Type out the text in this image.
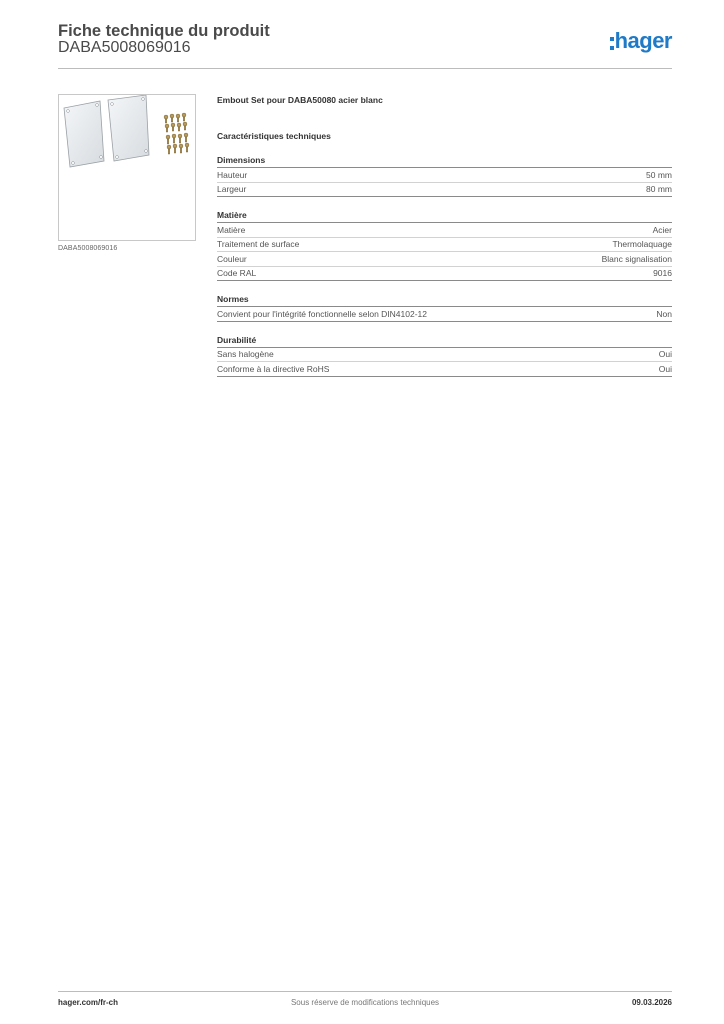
Fiche technique du produit
DABA5008069016	hager
DABA5008069016
Embout Set pour DABA50080 acier blanc
Caractéristiques techniques
Dimensions
Hauteur	50 mm
Largeur	80 mm
Matière
Matière	Acier
Traitement de surface	Thermolaquage
Couleur	Blanc signalisation
Code RAL	9016
Normes
Convient pour l'intégrité fonctionnelle selon DIN4102-12	Non
Durabilité
Sans halogène	Oui
Conforme à la directive RoHS	Oui
hager.com/fr-ch	Sous réserve de modifications techniques	09.03.2026
